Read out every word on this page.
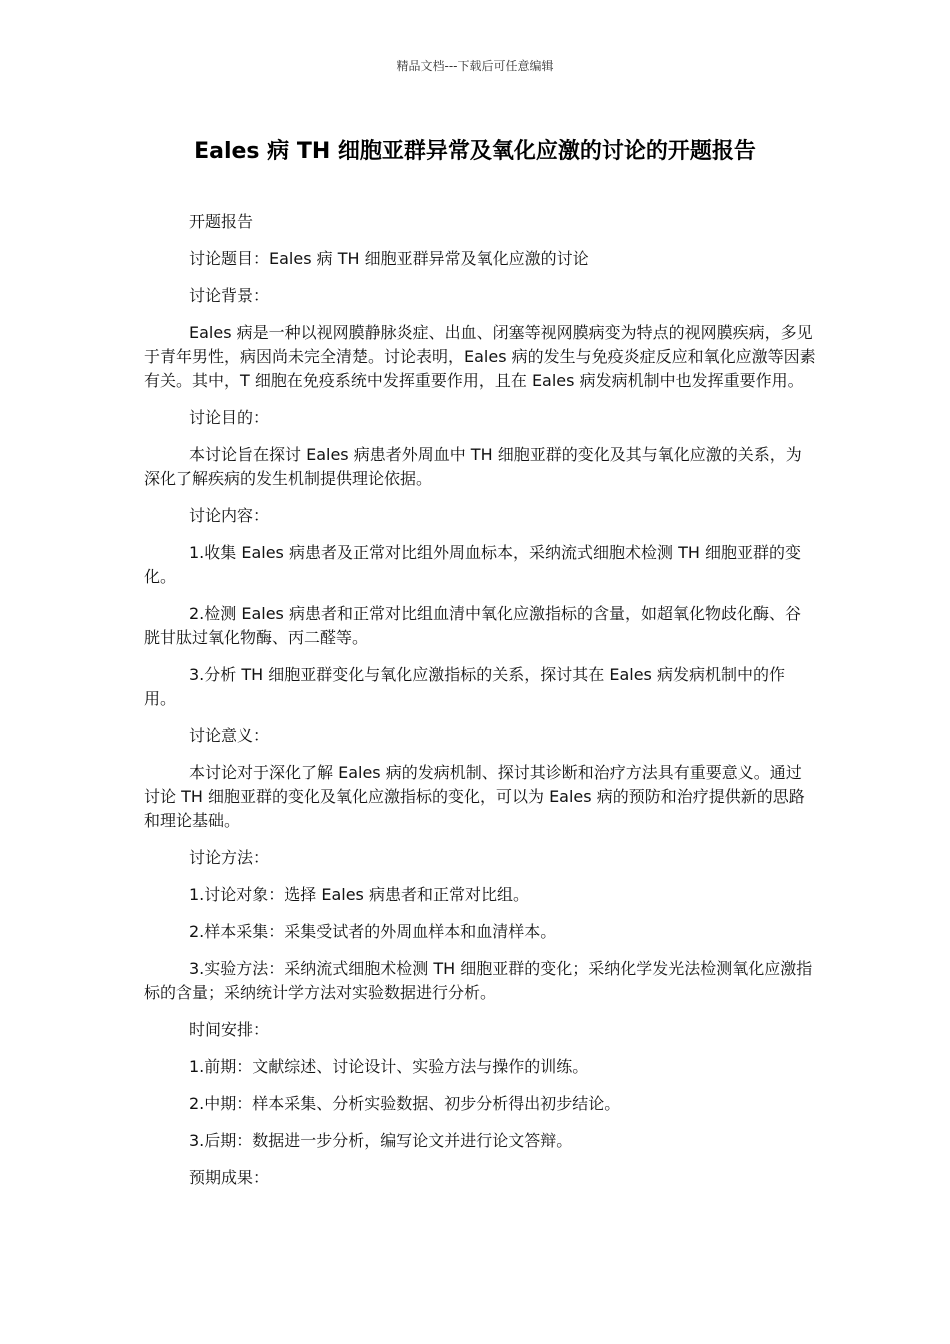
精品文档---下载后可任意编辑
Eales 病 TH 细胞亚群异常及氧化应激的讨论的开题报告

开题报告

讨论题目：Eales 病 TH 细胞亚群异常及氧化应激的讨论

讨论背景：

Eales 病是一种以视网膜静脉炎症、出血、闭塞等视网膜病变为特点的视网膜疾病，多见于青年男性，病因尚未完全清楚。讨论表明，Eales 病的发生与免疫炎症反应和氧化应激等因素有关。其中，T 细胞在免疫系统中发挥重要作用，且在 Eales 病发病机制中也发挥重要作用。

讨论目的：

本讨论旨在探讨 Eales 病患者外周血中 TH 细胞亚群的变化及其与氧化应激的关系，为深化了解疾病的发生机制提供理论依据。

讨论内容：

1.收集 Eales 病患者及正常对比组外周血标本，采纳流式细胞术检测 TH 细胞亚群的变化。

2.检测 Eales 病患者和正常对比组血清中氧化应激指标的含量，如超氧化物歧化酶、谷胱甘肽过氧化物酶、丙二醛等。

3.分析 TH 细胞亚群变化与氧化应激指标的关系，探讨其在 Eales 病发病机制中的作用。

讨论意义：

本讨论对于深化了解 Eales 病的发病机制、探讨其诊断和治疗方法具有重要意义。通过讨论 TH 细胞亚群的变化及氧化应激指标的变化，可以为 Eales 病的预防和治疗提供新的思路和理论基础。

讨论方法：

1.讨论对象：选择 Eales 病患者和正常对比组。

2.样本采集：采集受试者的外周血样本和血清样本。

3.实验方法：采纳流式细胞术检测 TH 细胞亚群的变化；采纳化学发光法检测氧化应激指标的含量；采纳统计学方法对实验数据进行分析。

时间安排：

1.前期：文献综述、讨论设计、实验方法与操作的训练。

2.中期：样本采集、分析实验数据、初步分析得出初步结论。

3.后期：数据进一步分析，编写论文并进行论文答辩。

预期成果：
